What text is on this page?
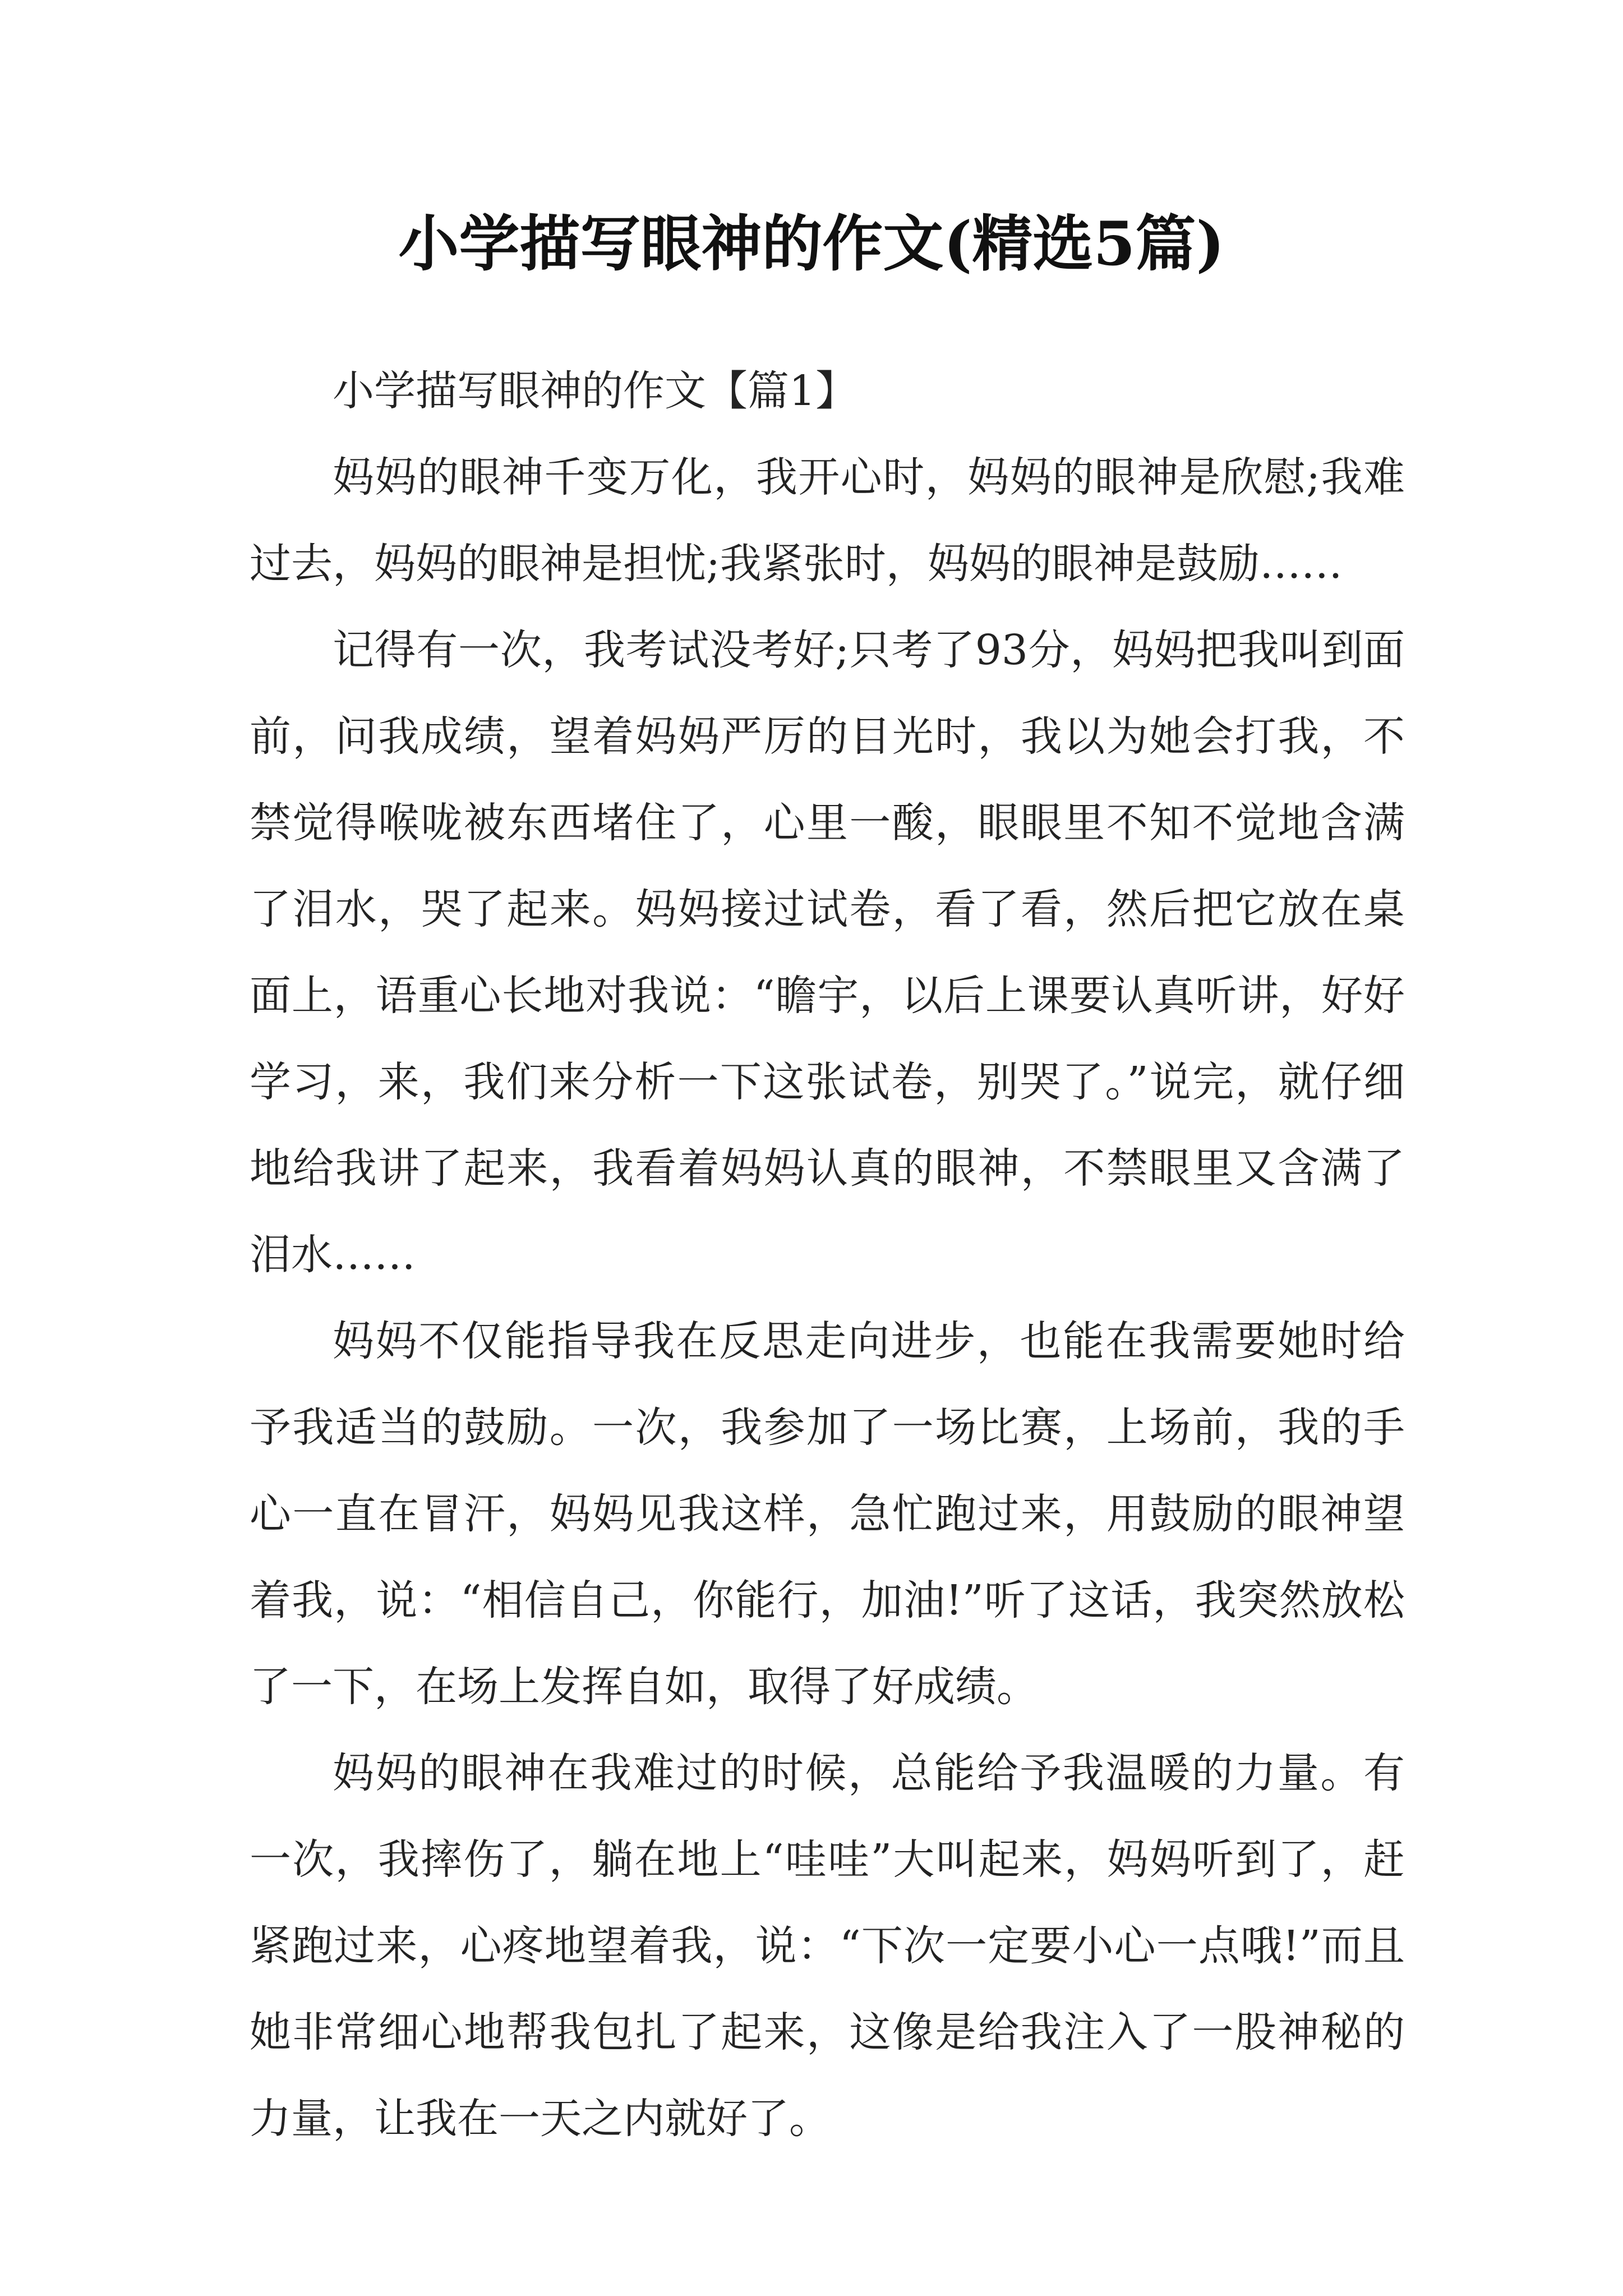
小学描写眼神的作文(精选5篇)

小学描写眼神的作文【篇1】

妈妈的眼神千变万化，我开心时，妈妈的眼神是欣慰;我难过去，妈妈的眼神是担忧;我紧张时，妈妈的眼神是鼓励……

记得有一次，我考试没考好;只考了93分，妈妈把我叫到面前，问我成绩，望着妈妈严厉的目光时，我以为她会打我，不禁觉得喉咙被东西堵住了，心里一酸，眼眼里不知不觉地含满了泪水，哭了起来。妈妈接过试卷，看了看，然后把它放在桌面上，语重心长地对我说：“瞻宇，以后上课要认真听讲，好好学习，来，我们来分析一下这张试卷，别哭了。”说完，就仔细地给我讲了起来，我看着妈妈认真的眼神，不禁眼里又含满了泪水……

妈妈不仅能指导我在反思走向进步，也能在我需要她时给予我适当的鼓励。一次，我参加了一场比赛，上场前，我的手心一直在冒汗，妈妈见我这样，急忙跑过来，用鼓励的眼神望着我，说：“相信自己，你能行，加油!”听了这话，我突然放松了一下，在场上发挥自如，取得了好成绩。

妈妈的眼神在我难过的时候，总能给予我温暖的力量。有一次，我摔伤了，躺在地上“哇哇”大叫起来，妈妈听到了，赶紧跑过来，心疼地望着我，说：“下次一定要小心一点哦!”而且她非常细心地帮我包扎了起来，这像是给我注入了一股神秘的力量，让我在一天之内就好了。
